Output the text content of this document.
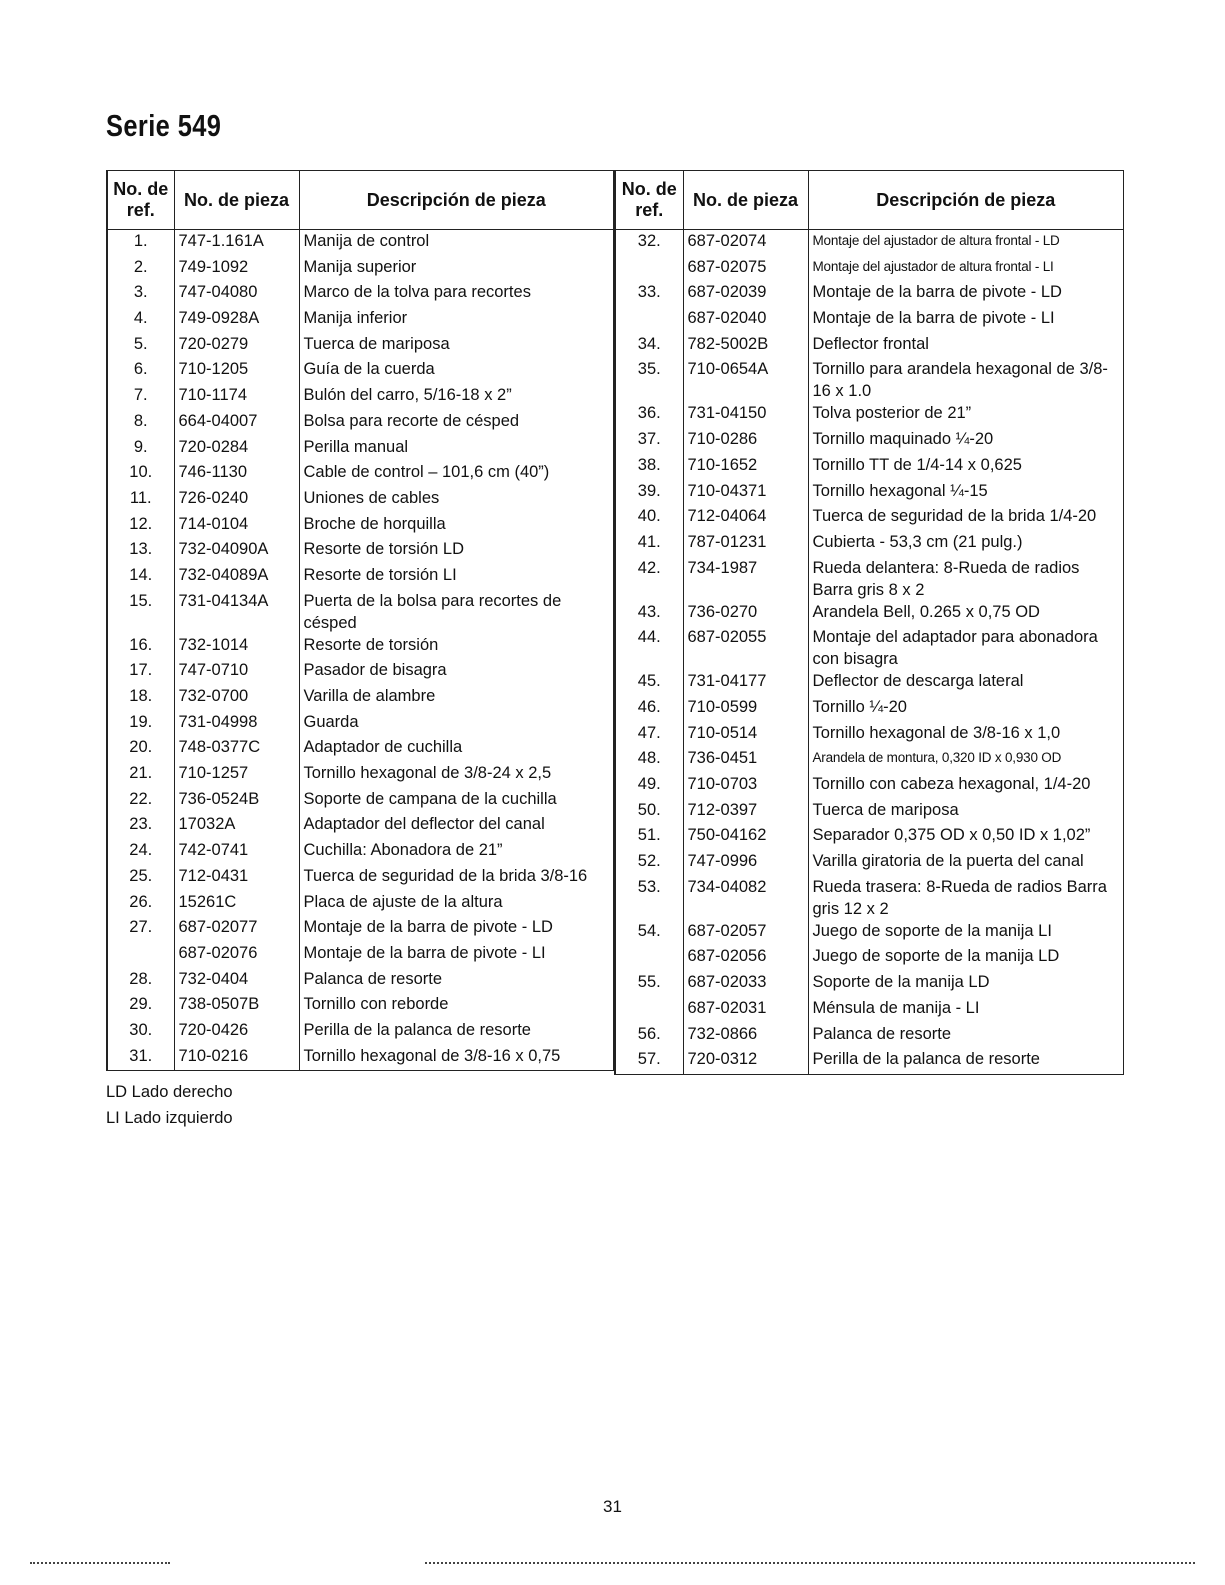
Serie 549
No. de ref.	No. de pieza	Descripción de pieza
1.	747-1.161A	Manija de control
2.	749-1092	Manija superior
3.	747-04080	Marco de la tolva para recortes
4.	749-0928A	Manija inferior
5.	720-0279	Tuerca de mariposa
6.	710-1205	Guía de la cuerda
7.	710-1174	Bulón del carro, 5/16-18 x 2”
8.	664-04007	Bolsa para recorte de césped
9.	720-0284	Perilla manual
10.	746-1130	Cable de control – 101,6 cm (40”)
11.	726-0240	Uniones de cables
12.	714-0104	Broche de horquilla
13.	732-04090A	Resorte de torsión LD
14.	732-04089A	Resorte de torsión LI
15.	731-04134A	Puerta de la bolsa para recortes de césped
16.	732-1014	Resorte de torsión
17.	747-0710	Pasador de bisagra
18.	732-0700	Varilla de alambre
19.	731-04998	Guarda
20.	748-0377C	Adaptador de cuchilla
21.	710-1257	Tornillo hexagonal de 3/8-24 x 2,5
22.	736-0524B	Soporte de campana de la cuchilla
23.	17032A	Adaptador del deflector del canal
24.	742-0741	Cuchilla: Abonadora de 21”
25.	712-0431	Tuerca de seguridad de la brida 3/8-16
26.	15261C	Placa de ajuste de la altura
27.	687-02077	Montaje de la barra de pivote - LD
	687-02076	Montaje de la barra de pivote - LI
28.	732-0404	Palanca de resorte
29.	738-0507B	Tornillo con reborde
30.	720-0426	Perilla de la palanca de resorte
31.	710-0216	Tornillo hexagonal de 3/8-16 x 0,75
No. de ref.	No. de pieza	Descripción de pieza
32.	687-02074	Montaje del ajustador de altura frontal - LD
	687-02075	Montaje del ajustador de altura frontal - LI
33.	687-02039	Montaje de la barra de pivote - LD
	687-02040	Montaje de la barra de pivote - LI
34.	782-5002B	Deflector frontal
35.	710-0654A	Tornillo para arandela hexagonal de 3/8-16 x 1.0
36.	731-04150	Tolva posterior de 21”
37.	710-0286	Tornillo maquinado ¼-20
38.	710-1652	Tornillo TT de 1/4-14 x 0,625
39.	710-04371	Tornillo hexagonal ¼-15
40.	712-04064	Tuerca de seguridad de la brida 1/4-20
41.	787-01231	Cubierta - 53,3 cm (21 pulg.)
42.	734-1987	Rueda delantera: 8-Rueda de radios Barra gris 8 x 2
43.	736-0270	Arandela Bell, 0.265 x 0,75 OD
44.	687-02055	Montaje del adaptador para abonadora con bisagra
45.	731-04177	Deflector de descarga lateral
46.	710-0599	Tornillo ¼-20
47.	710-0514	Tornillo hexagonal de 3/8-16 x 1,0
48.	736-0451	Arandela de montura, 0,320 ID x 0,930 OD
49.	710-0703	Tornillo con cabeza hexagonal, 1/4-20
50.	712-0397	Tuerca de mariposa
51.	750-04162	Separador 0,375 OD x 0,50 ID x 1,02”
52.	747-0996	Varilla giratoria de la puerta del canal
53.	734-04082	Rueda trasera: 8-Rueda de radios Barra gris 12 x 2
54.	687-02057	Juego de soporte de la manija LI
	687-02056	Juego de soporte de la manija LD
55.	687-02033	Soporte de la manija LD
	687-02031	Ménsula de manija - LI
56.	732-0866	Palanca de resorte
57.	720-0312	Perilla de la palanca de resorte
LD Lado derecho
LI Lado izquierdo
31
